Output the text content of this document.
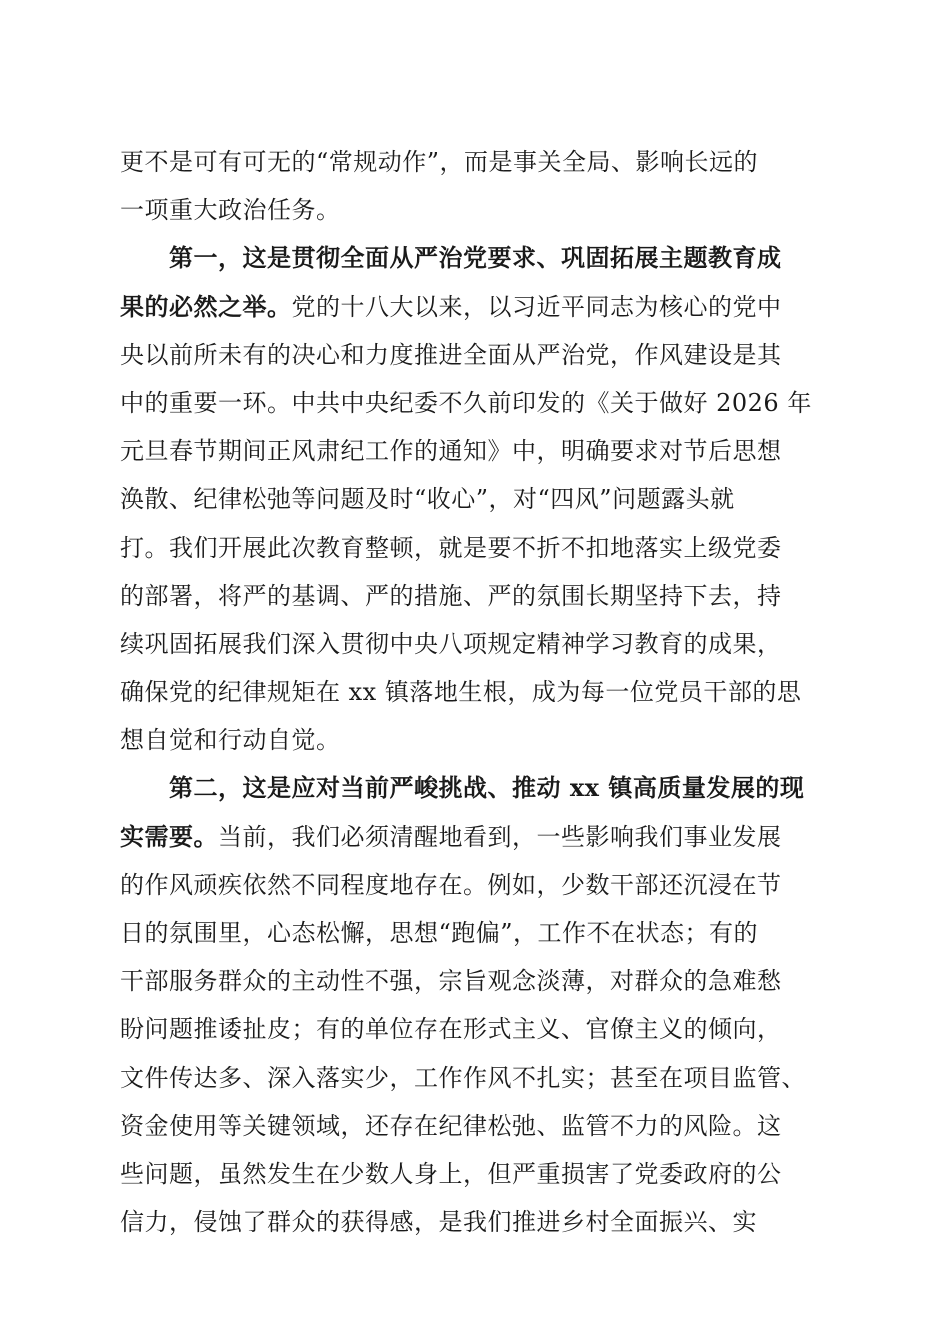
更不是可有可无的“常规动作”，而是事关全局、影响长远的
一项重大政治任务。
第一，这是贯彻全面从严治党要求、巩固拓展主题教育成
果的必然之举。党的十八大以来，以习近平同志为核心的党中
央以前所未有的决心和力度推进全面从严治党，作风建设是其
中的重要一环。中共中央纪委不久前印发的《关于做好 2026 年
元旦春节期间正风肃纪工作的通知》中，明确要求对节后思想
涣散、纪律松弛等问题及时“收心”，对“四风”问题露头就
打。我们开展此次教育整顿，就是要不折不扣地落实上级党委
的部署，将严的基调、严的措施、严的氛围长期坚持下去，持
续巩固拓展我们深入贯彻中央八项规定精神学习教育的成果，
确保党的纪律规矩在 xx 镇落地生根，成为每一位党员干部的思
想自觉和行动自觉。
第二，这是应对当前严峻挑战、推动 xx 镇高质量发展的现
实需要。当前，我们必须清醒地看到，一些影响我们事业发展
的作风顽疾依然不同程度地存在。例如，少数干部还沉浸在节
日的氛围里，心态松懈，思想“跑偏”，工作不在状态；有的
干部服务群众的主动性不强，宗旨观念淡薄，对群众的急难愁
盼问题推诿扯皮；有的单位存在形式主义、官僚主义的倾向，
文件传达多、深入落实少，工作作风不扎实；甚至在项目监管、
资金使用等关键领域，还存在纪律松弛、监管不力的风险。这
些问题，虽然发生在少数人身上，但严重损害了党委政府的公
信力，侵蚀了群众的获得感，是我们推进乡村全面振兴、实
